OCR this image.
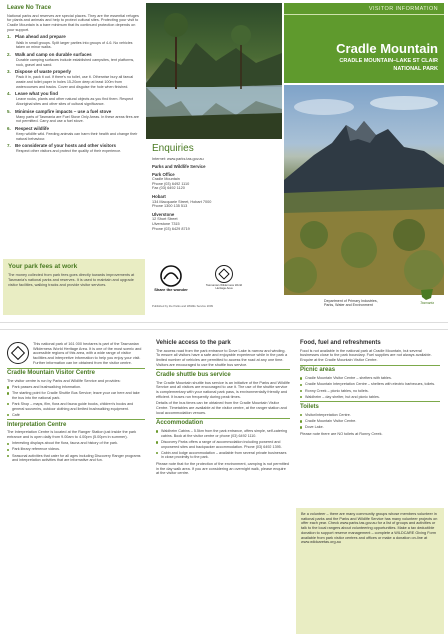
Leave No Trace
National parks and reserves are special places. They are the essential refuges for plants and animals and help to protect cultural sites. Protecting your visit to Cradle Mountain is a bare minimum that its continued protection depends on your support.
1. Plan ahead and prepare
Walk in small groups. Split larger parties into groups of 4-6. No vehicles taken on minor walks.
2. Walk and camp on durable surfaces
Durable camping surfaces include established campsites, tent platforms, rock, gravel and sand.
3. Dispose of waste properly
Pack it in, pack it out. If there's no toilet, use it. Otherwise bury all faecal waste and toilet paper in holes 15-20cm deep at least 100m from watercourses and tracks. Cover and disguise the hole when finished.
4. Leave what you find
Leave rocks, plants and other natural objects as you find them. Respect Aboriginal sites and other sites of cultural significance.
5. Minimise campfire impacts – use a fuel stove
Many parts of Tasmania are Fuel Stove Only Areas. In these areas fires are not permitted. Carry and use a fuel stove.
6. Respect wildlife
Keep wildlife wild. Feeding animals can harm their health and change their natural behaviour.
7. Be considerate of your hosts and other visitors
Respect other visitors and protect the quality of their experience.
Your park fees at work
The money collected from park fees goes directly towards improvements at Tasmania's national parks and reserves. It is used to maintain and upgrade visitor facilities, walking tracks and provide visitor services.
Enquiries
Internet: www.parks.tas.gov.au
Parks and Wildlife Service
Park Office
Cradle Mountain
Phone (03) 6492 1110
Fax (03) 6492 1120
Hobart
134 Macquarie Street, Hobart 7000
Phone 1300 135 513
Ulverstone
12 Short Street
Ulverstone 7315
Phone (03) 6429 8719
Share the wonder
Tasmanian Wilderness World Heritage Area
Published by the Parks and Wildlife Service 2009
VISITOR INFORMATION
Cradle Mountain
CRADLE MOUNTAIN–LAKE ST CLAIR
NATIONAL PARK
Department of Primary Industries,
Parks, Water and Environment
Tasmania
This national park of 161 000 hectares is part of the Tasmanian Wilderness World Heritage Area. It is one of the most scenic and accessible regions of this area, with a wide range of visitor facilities and interpretive information to help you enjoy your visit. Further information can be obtained from the visitor centre.
Cradle Mountain Visitor Centre
The visitor centre is run by Parks and Wildlife Service and provides:
Park passes and bushwalking information.
The starting point for Cradle Shuttle Bus Service; leave your car here and take the bus into the national park.
Park Shop – maps, film, flora and fauna guide books, children's books and general souvenirs, outdoor clothing and limited bushwalking equipment.
Café
Interpretation Centre
The Interpretation Centre is located at the Ranger Station just inside the park entrance and is open daily from 9.00am to 4.00pm (5.00pm in summer).
Interesting displays about the flora, fauna and history of the park.
Park library reference videos.
Seasonal activities that cater for all ages including Discovery Ranger programs and interpretation activities that are informative and fun.
Vehicle access to the park
The access road from the park entrance to Dove Lake is narrow and winding. To ensure all visitors have a safe and enjoyable experience while in the park a limited number of vehicles are permitted to access the road at any one time. Visitors are encouraged to use the shuttle bus service.
Cradle shuttle bus service
The Cradle Mountain shuttle bus service is an initiative of the Parks and Wildlife Service and all visitors are encouraged to use it. The use of the shuttle service is complementary with your national park pass, is environmentally friendly and efficient. It buses run frequently during peak times.
Details of the bus times can be obtained from the Cradle Mountain Visitor Centre. Timetables are available at the visitor centre, at the ranger station and local accommodation venues.
Accommodation
Waldheim Cabins – 5.5km from the park entrance, offers simple, self-catering cabins. Book at the visitor centre or phone (03) 6492 1110.
Discovery Parks offers a range of accommodation including powered and unpowered sites and backpacker accommodation. Phone (03) 6492 1395.
Cabin and lodge accommodation – available from several private businesses in close proximity to the park.
Please note that for the protection of the environment, camping is not permitted in the day walk area. If you are considering an overnight walk, please enquire at the visitor centre.
Food, fuel and refreshments
Food is not available in the national park at Cradle Mountain, but several businesses close to the park boundary. Fuel supplies are not always available. Enquire at the Cradle Mountain Visitor Centre.
Picnic areas
Cradle Mountain Visitor Centre – shelters with tables.
Cradle Mountain Interpretation Centre – shelters with electric barbecues, toilets.
Ronny Creek – picnic tables, no toilets.
Waldheim – day shelter, hut and picnic tables.
Toilets
Visitor/interpretation Centre.
Cradle Mountain Visitor Centre.
Dove Lake.
Please note there are NO toilets at Ronny Creek.
Be a volunteer – there are many community groups whose members volunteer in national parks and the Parks and Wildlife Service has many volunteer projects on offer each year. Check www.parks.tas.gov.au for a list of groups and activities or talk to the local rangers about volunteering opportunities. Make a tax deductible donation to support reserve management – complete a WILDCARE Giving Form available from park visitor centres and offices or make a donation on-line at www.wildcaretas.org.au
